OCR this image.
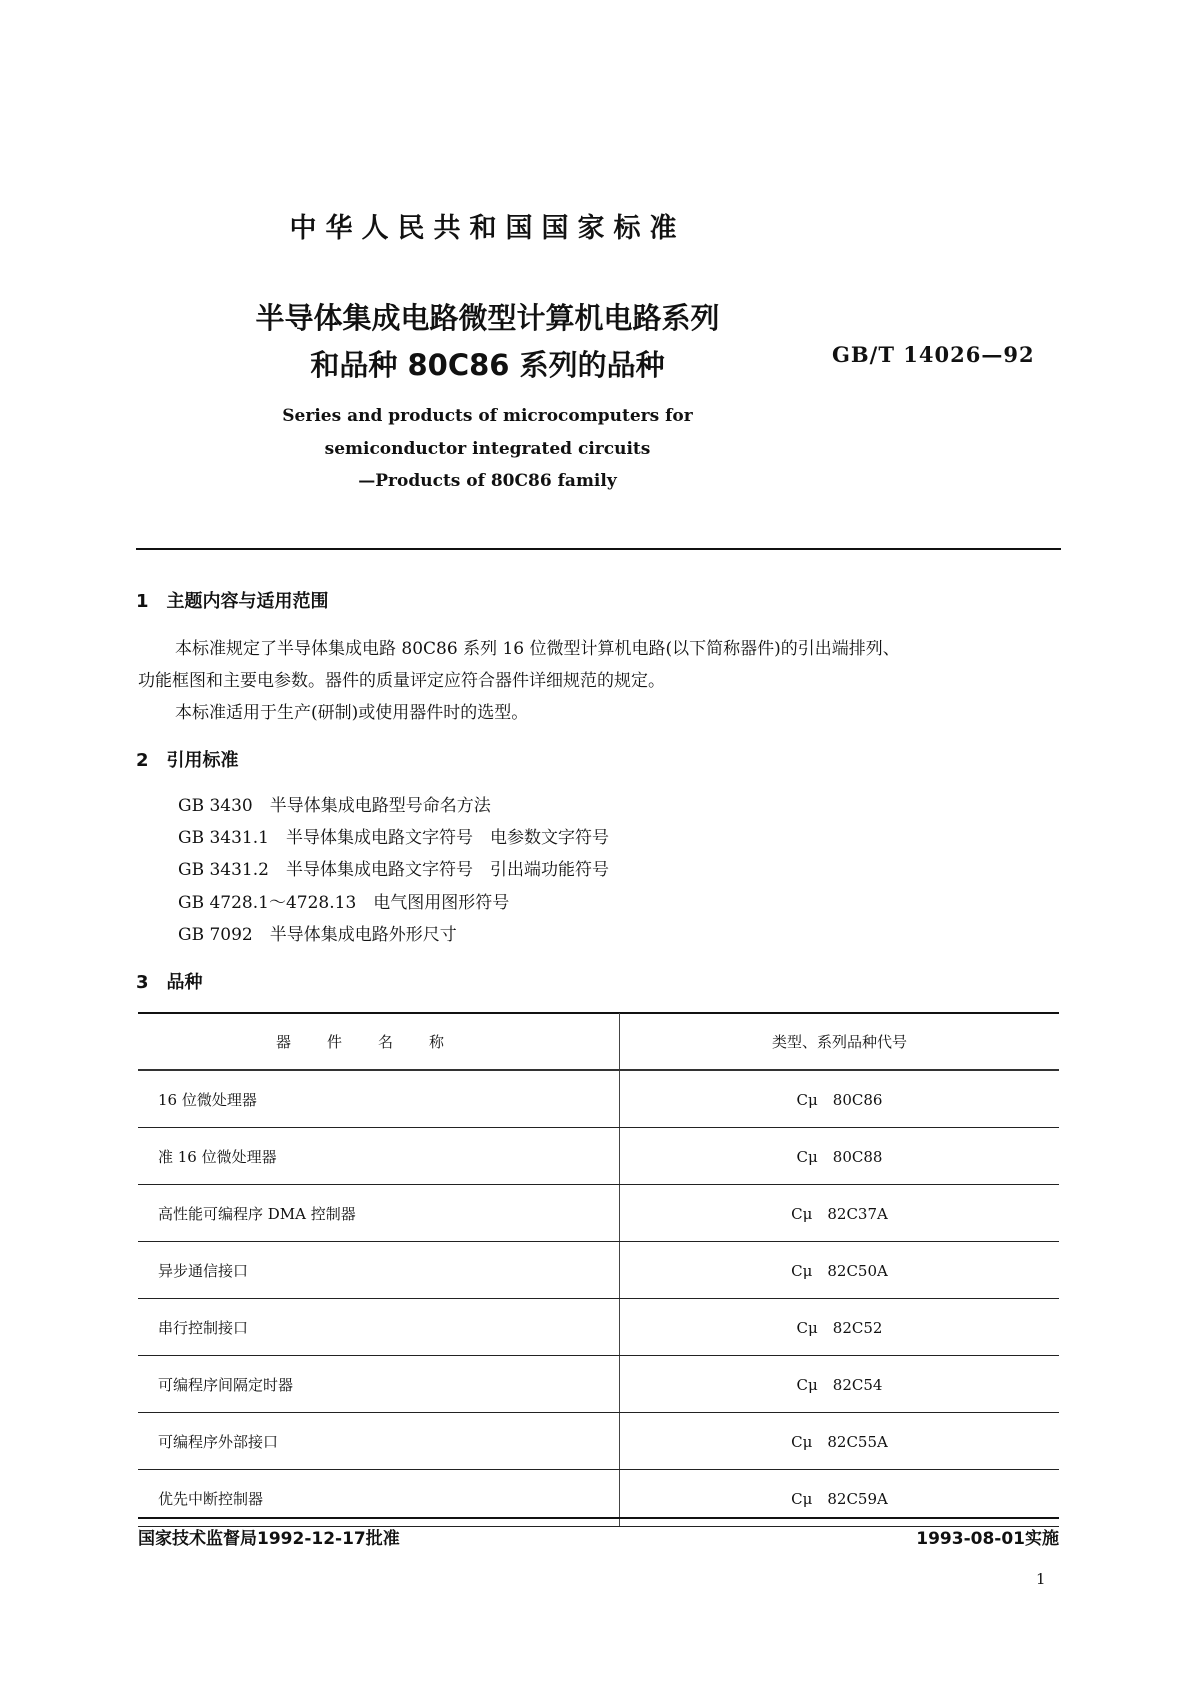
中华人民共和国国家标准
半导体集成电路微型计算机电路系列
和品种 80C86 系列的品种	GB/T 14026—92
Series and products of microcomputers for
semiconductor integrated circuits
—Products of 80C86 family
1 主题内容与适用范围
本标准规定了半导体集成电路 80C86 系列 16 位微型计算机电路(以下简称器件)的引出端排列、
功能框图和主要电参数。器件的质量评定应符合器件详细规范的规定。
本标准适用于生产(研制)或使用器件时的选型。
2 引用标准
GB 3430　 半导体集成电路型号命名方法
GB 3431.1　 半导体集成电路文字符号　电参数文字符号
GB 3431.2　 半导体集成电路文字符号　引出端功能符号
GB 4728.1～4728.13　 电气图用图形符号
GB 7092　 半导体集成电路外形尺寸
3 品种
器件名称	类型、系列品种代号
16 位微处理器	Cμ　80C86
准 16 位微处理器	Cμ　80C88
高性能可编程序 DMA 控制器	Cμ　82C37A
异步通信接口	Cμ　82C50A
串行控制接口	Cμ　82C52
可编程序间隔定时器	Cμ　82C54
可编程序外部接口	Cμ　82C55A
优先中断控制器	Cμ　82C59A
国家技术监督局1992-12-17批准	1993-08-01实施
1
